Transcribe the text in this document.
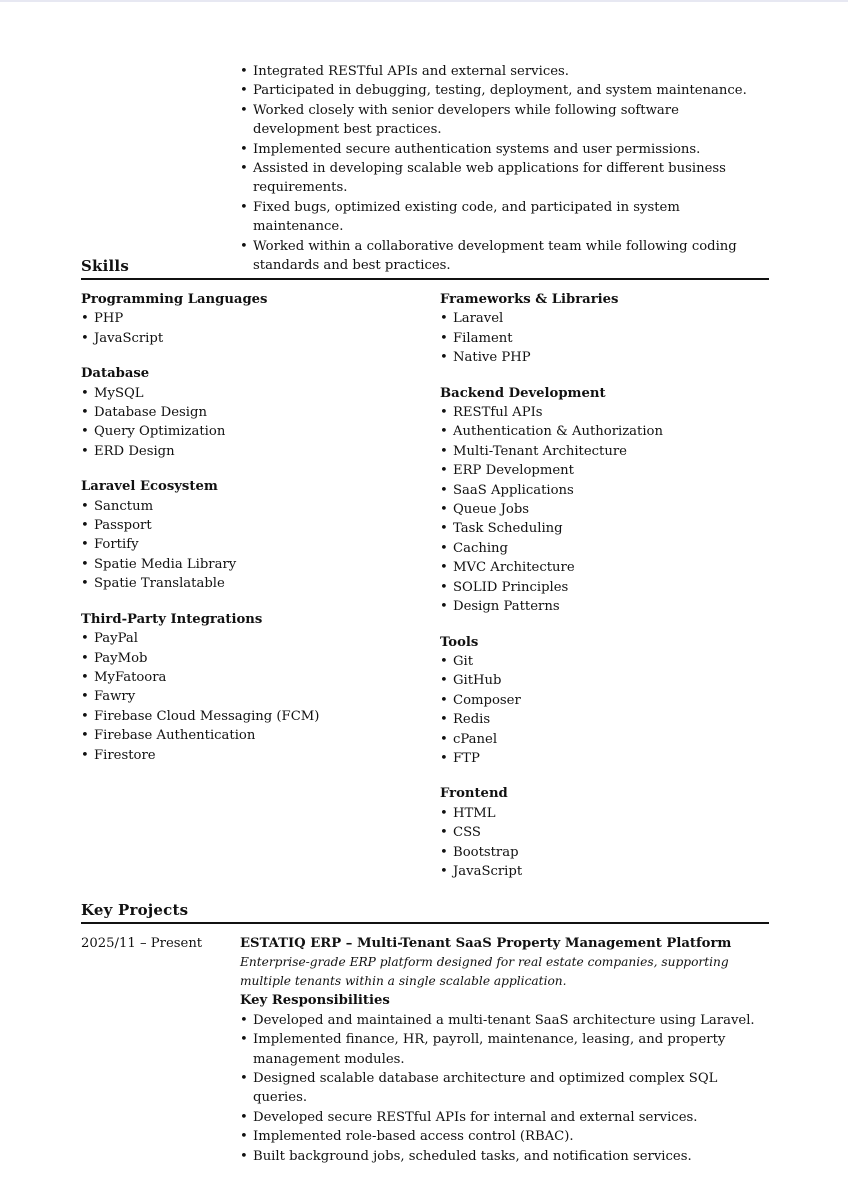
• Integrated RESTful APIs and external services.
• Participated in debugging, testing, deployment, and system maintenance.
• Worked closely with senior developers while following software development best practices.
• Implemented secure authentication systems and user permissions.
• Assisted in developing scalable web applications for different business requirements.
• Fixed bugs, optimized existing code, and participated in system maintenance.
• Worked within a collaborative development team while following coding standards and best practices.
Skills
Programming Languages
• PHP
• JavaScript
Database
• MySQL
• Database Design
• Query Optimization
• ERD Design
Laravel Ecosystem
• Sanctum
• Passport
• Fortify
• Spatie Media Library
• Spatie Translatable
Third-Party Integrations
• PayPal
• PayMob
• MyFatoora
• Fawry
• Firebase Cloud Messaging (FCM)
• Firebase Authentication
• Firestore
Frameworks & Libraries
• Laravel
• Filament
• Native PHP
Backend Development
• RESTful APIs
• Authentication & Authorization
• Multi-Tenant Architecture
• ERP Development
• SaaS Applications
• Queue Jobs
• Task Scheduling
• Caching
• MVC Architecture
• SOLID Principles
• Design Patterns
Tools
• Git
• GitHub
• Composer
• Redis
• cPanel
• FTP
Frontend
• HTML
• CSS
• Bootstrap
• JavaScript
Key Projects
2025/11 – Present	ESTATIQ ERP – Multi-Tenant SaaS Property Management Platform
Enterprise-grade ERP platform designed for real estate companies, supporting multiple tenants within a single scalable application.
Key Responsibilities
• Developed and maintained a multi-tenant SaaS architecture using Laravel.
• Implemented finance, HR, payroll, maintenance, leasing, and property management modules.
• Designed scalable database architecture and optimized complex SQL queries.
• Developed secure RESTful APIs for internal and external services.
• Implemented role-based access control (RBAC).
• Built background jobs, scheduled tasks, and notification services.
